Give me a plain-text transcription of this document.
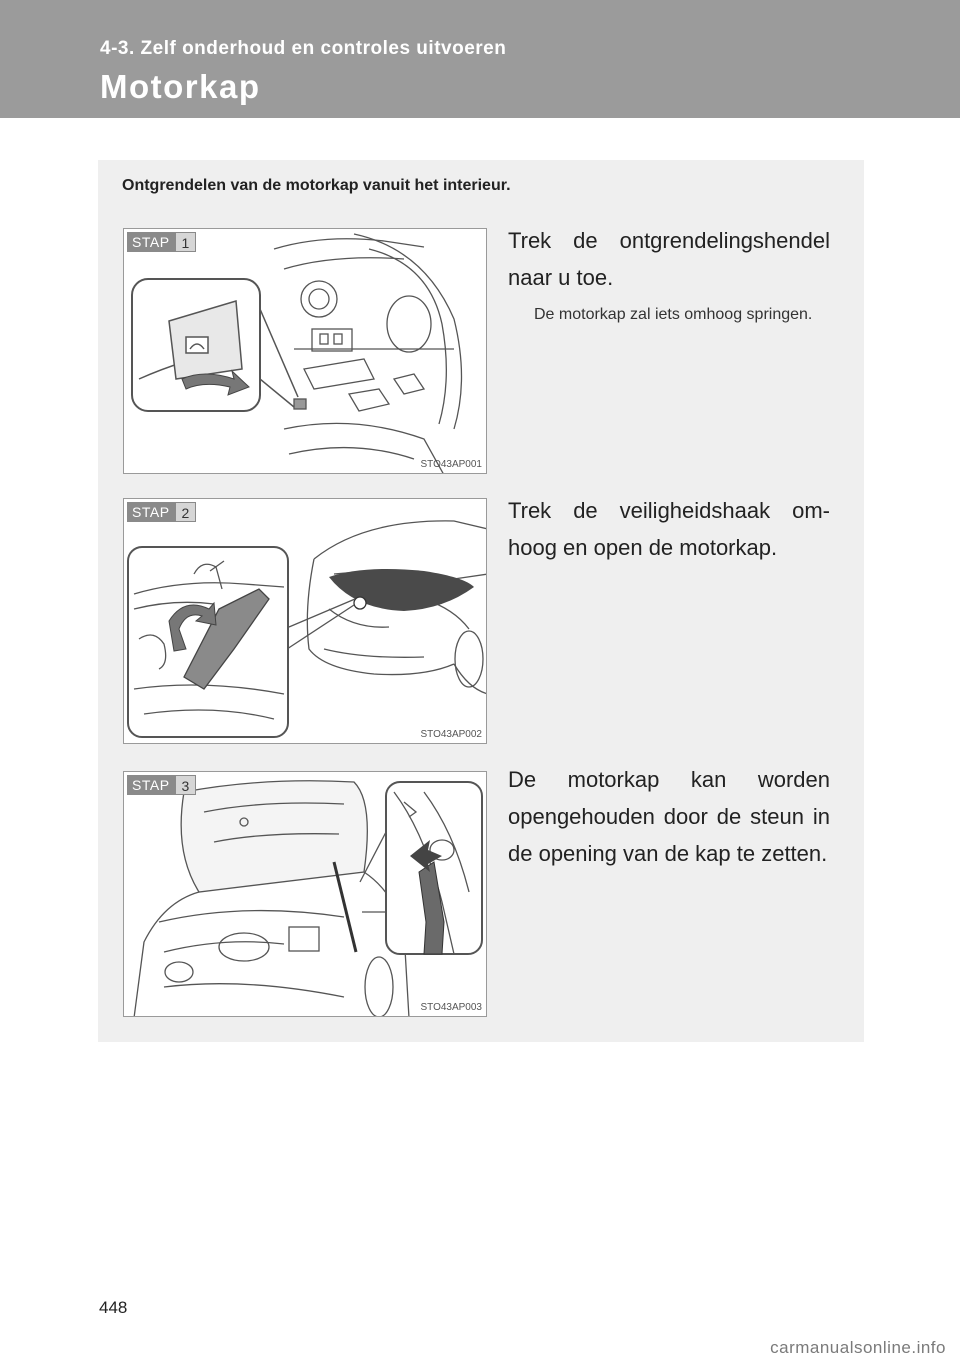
4-3. Zelf onderhoud en controles uitvoeren
Motorkap
Ontgrendelen van de motorkap vanuit het interieur.
STAP 1
STO43AP001
Trek de ontgrendelingshendel naar u toe.
De motorkap zal iets omhoog springen.
STAP 2
STO43AP002
Trek de veiligheidshaak om-hoog en open de motorkap.
STAP 3
STO43AP003
De motorkap kan worden opengehouden door de steun in de opening van de kap te zetten.
448
carmanualsonline.info
